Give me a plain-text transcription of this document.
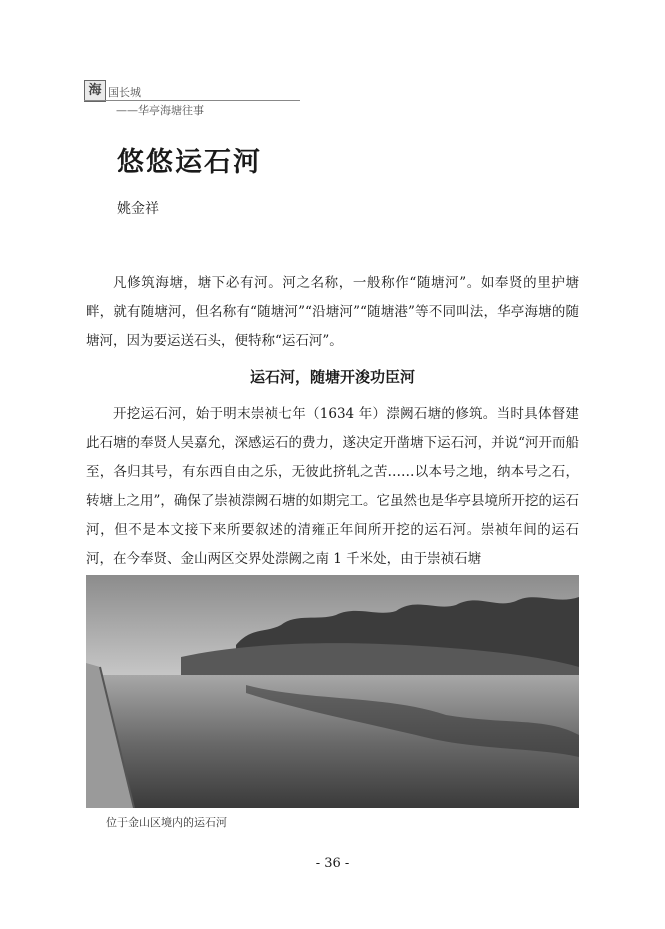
海 国长城
——华亭海塘往事
悠悠运石河
姚金祥

凡修筑海塘，塘下必有河。河之名称，一般称作“随塘河”。如奉贤的里护塘畔，就有随塘河，但名称有“随塘河”“沿塘河”“随塘港”等不同叫法，华亭海塘的随塘河，因为要运送石头，便特称“运石河”。

运石河，随塘开浚功臣河

开挖运石河，始于明末崇祯七年（1634 年）漴阙石塘的修筑。当时具体督建此石塘的奉贤人吴嘉允，深感运石的费力，遂决定开凿塘下运石河，并说“河开而船至，各归其号，有东西自由之乐，无彼此挤轧之苦……以本号之地，纳本号之石，转塘上之用”，确保了崇祯漴阙石塘的如期完工。它虽然也是华亭县境所开挖的运石河，但不是本文接下来所要叙述的清雍正年间所开挖的运石河。崇祯年间的运石河，在今奉贤、金山两区交界处漴阙之南 1 千米处，由于崇祯石塘

位于金山区境内的运石河
- 36 -
